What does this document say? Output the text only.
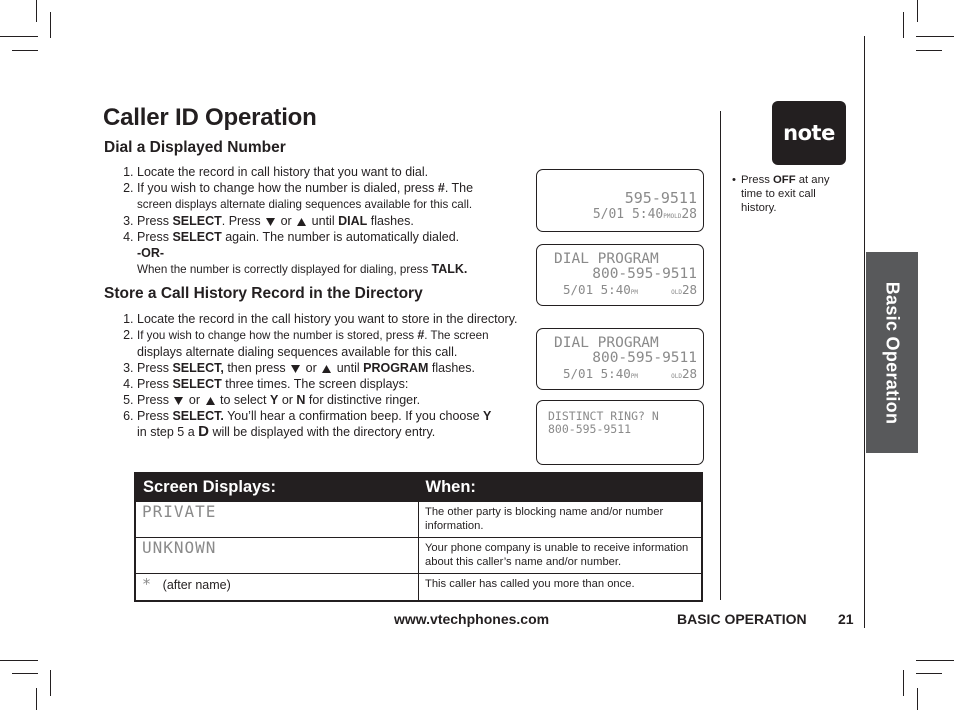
Caller ID Operation
Dial a Displayed Number
1. Locate the record in call history that you want to dial.
2. If you wish to change how the number is dialed, press #. The
screen displays alternate dialing sequences available for this call.
3. Press SELECT. Press  or  until DIAL flashes.
4. Press SELECT again. The number is automatically dialed.
-OR-
When the number is correctly displayed for dialing, press TALK.
Store a Call History Record in the Directory
1. Locate the record in the call history you want to store in the directory.
2. If you wish to change how the number is stored, press #. The screen
displays alternate dialing sequences available for this call.
3. Press SELECT, then press  or  until PROGRAM flashes.
4. Press SELECT three times. The screen displays:
5. Press  or  to select Y or N for distinctive ringer.
6. Press SELECT. You’ll hear a confirmation beep. If you choose Y
in step 5 a D will be displayed with the directory entry.
595-9511
5/01 5:40PMOLD28
DIAL PROGRAM
800-595-9511
5/01 5:40PM	OLD28
DIAL PROGRAM
800-595-9511
5/01 5:40PM	OLD28
DISTINCT RING? N
800-595-9511
Screen Displays:	When:
PRIVATE	The other party is blocking name and/or number information.
UNKNOWN	Your phone company is unable to receive information about this caller’s name and/or number.
* (after name)	This caller has called you more than once.
note
• Press OFF at any time to exit call history.
Basic Operation
www.vtechphones.com	BASIC OPERATION 21
